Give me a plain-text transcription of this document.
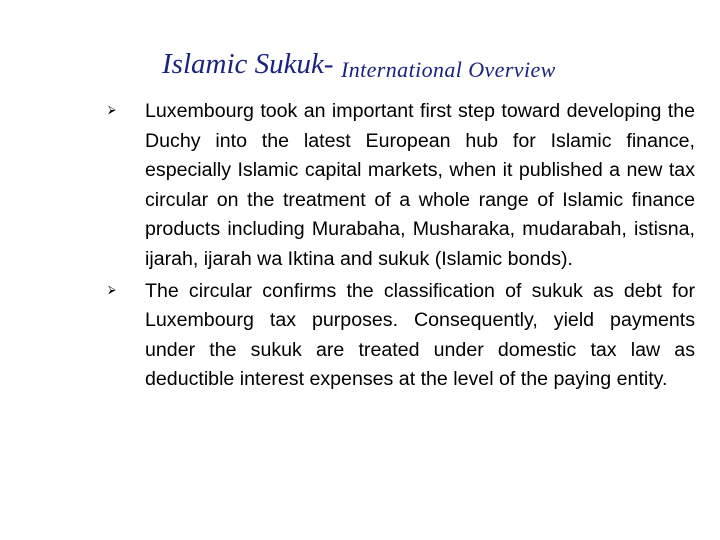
Islamic Sukuk- International Overview
⮚ Luxembourg took an important first step toward developing the Duchy into the latest European hub for Islamic finance, especially Islamic capital markets, when it published a new tax circular on the treatment of a whole range of Islamic finance products including Murabaha, Musharaka, mudarabah, istisna, ijarah, ijarah wa Iktina and sukuk (Islamic bonds).
⮚ The circular confirms the classification of sukuk as debt for Luxembourg tax purposes. Consequently, yield payments under the sukuk are treated under domestic tax law as deductible interest expenses at the level of the paying entity.
